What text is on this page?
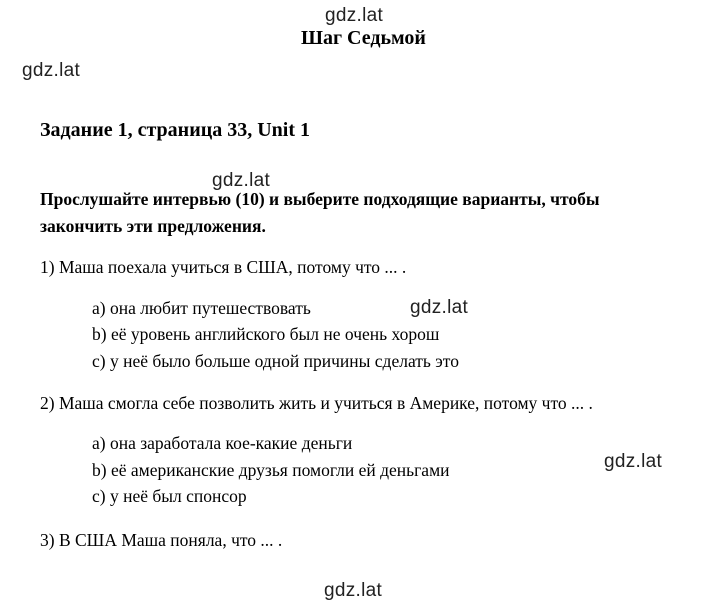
gdz.lat
gdz.lat
gdz.lat
gdz.lat
gdz.lat
gdz.lat
Шаг Седьмой
Задание 1, страница 33, Unit 1
Прослушайте интервью (10) и выберите подходящие варианты, чтобы
закончить эти предложения.
1) Маша поехала учиться в США, потому что ... .
a) она любит путешествовать
b) её уровень английского был не очень хорош
c) у неё было больше одной причины сделать это
2) Маша смогла себе позволить жить и учиться в Америке, потому что ... .
a) она заработала кое-какие деньги
b) её американские друзья помогли ей деньгами
c) у неё был спонсор
3) В США Маша поняла, что ... .
